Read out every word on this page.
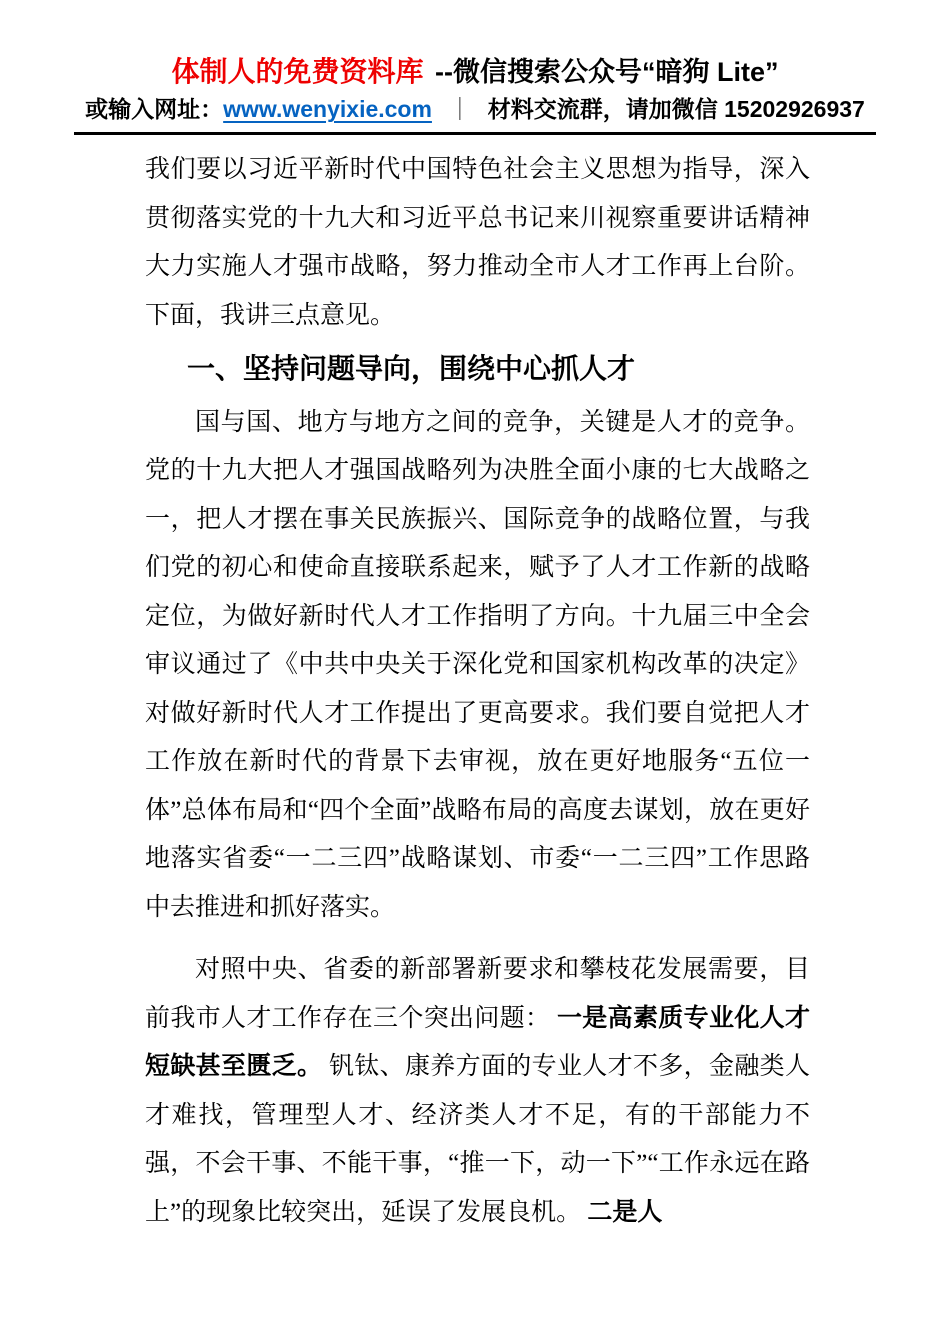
体制人的免费资料库 --微信搜索公众号“暗狗 Lite”
或输入网址：www.wenyixie.com ｜ 材料交流群，请加微信 15202926937

我们要以习近平新时代中国特色社会主义思想为指导，深入贯彻落实党的十九大和习近平总书记来川视察重要讲话精神大力实施人才强市战略，努力推动全市人才工作再上台阶。下面，我讲三点意见。

一、坚持问题导向，围绕中心抓人才

国与国、地方与地方之间的竞争，关键是人才的竞争。党的十九大把人才强国战略列为决胜全面小康的七大战略之一，把人才摆在事关民族振兴、国际竞争的战略位置，与我们党的初心和使命直接联系起来，赋予了人才工作新的战略定位，为做好新时代人才工作指明了方向。十九届三中全会审议通过了《中共中央关于深化党和国家机构改革的决定》对做好新时代人才工作提出了更高要求。我们要自觉把人才工作放在新时代的背景下去审视，放在更好地服务“五位一体”总体布局和“四个全面”战略布局的高度去谋划，放在更好地落实省委“一二三四”战略谋划、市委“一二三四”工作思路中去推进和抓好落实。

对照中央、省委的新部署新要求和攀枝花发展需要，目前我市人才工作存在三个突出问题： 一是高素质专业化人才短缺甚至匮乏。 钒钛、康养方面的专业人才不多，金融类人才难找，管理型人才、经济类人才不足，有的干部能力不强，不会干事、不能干事，“推一下，动一下”“工作永远在路上”的现象比较突出，延误了发展良机。 二是人
